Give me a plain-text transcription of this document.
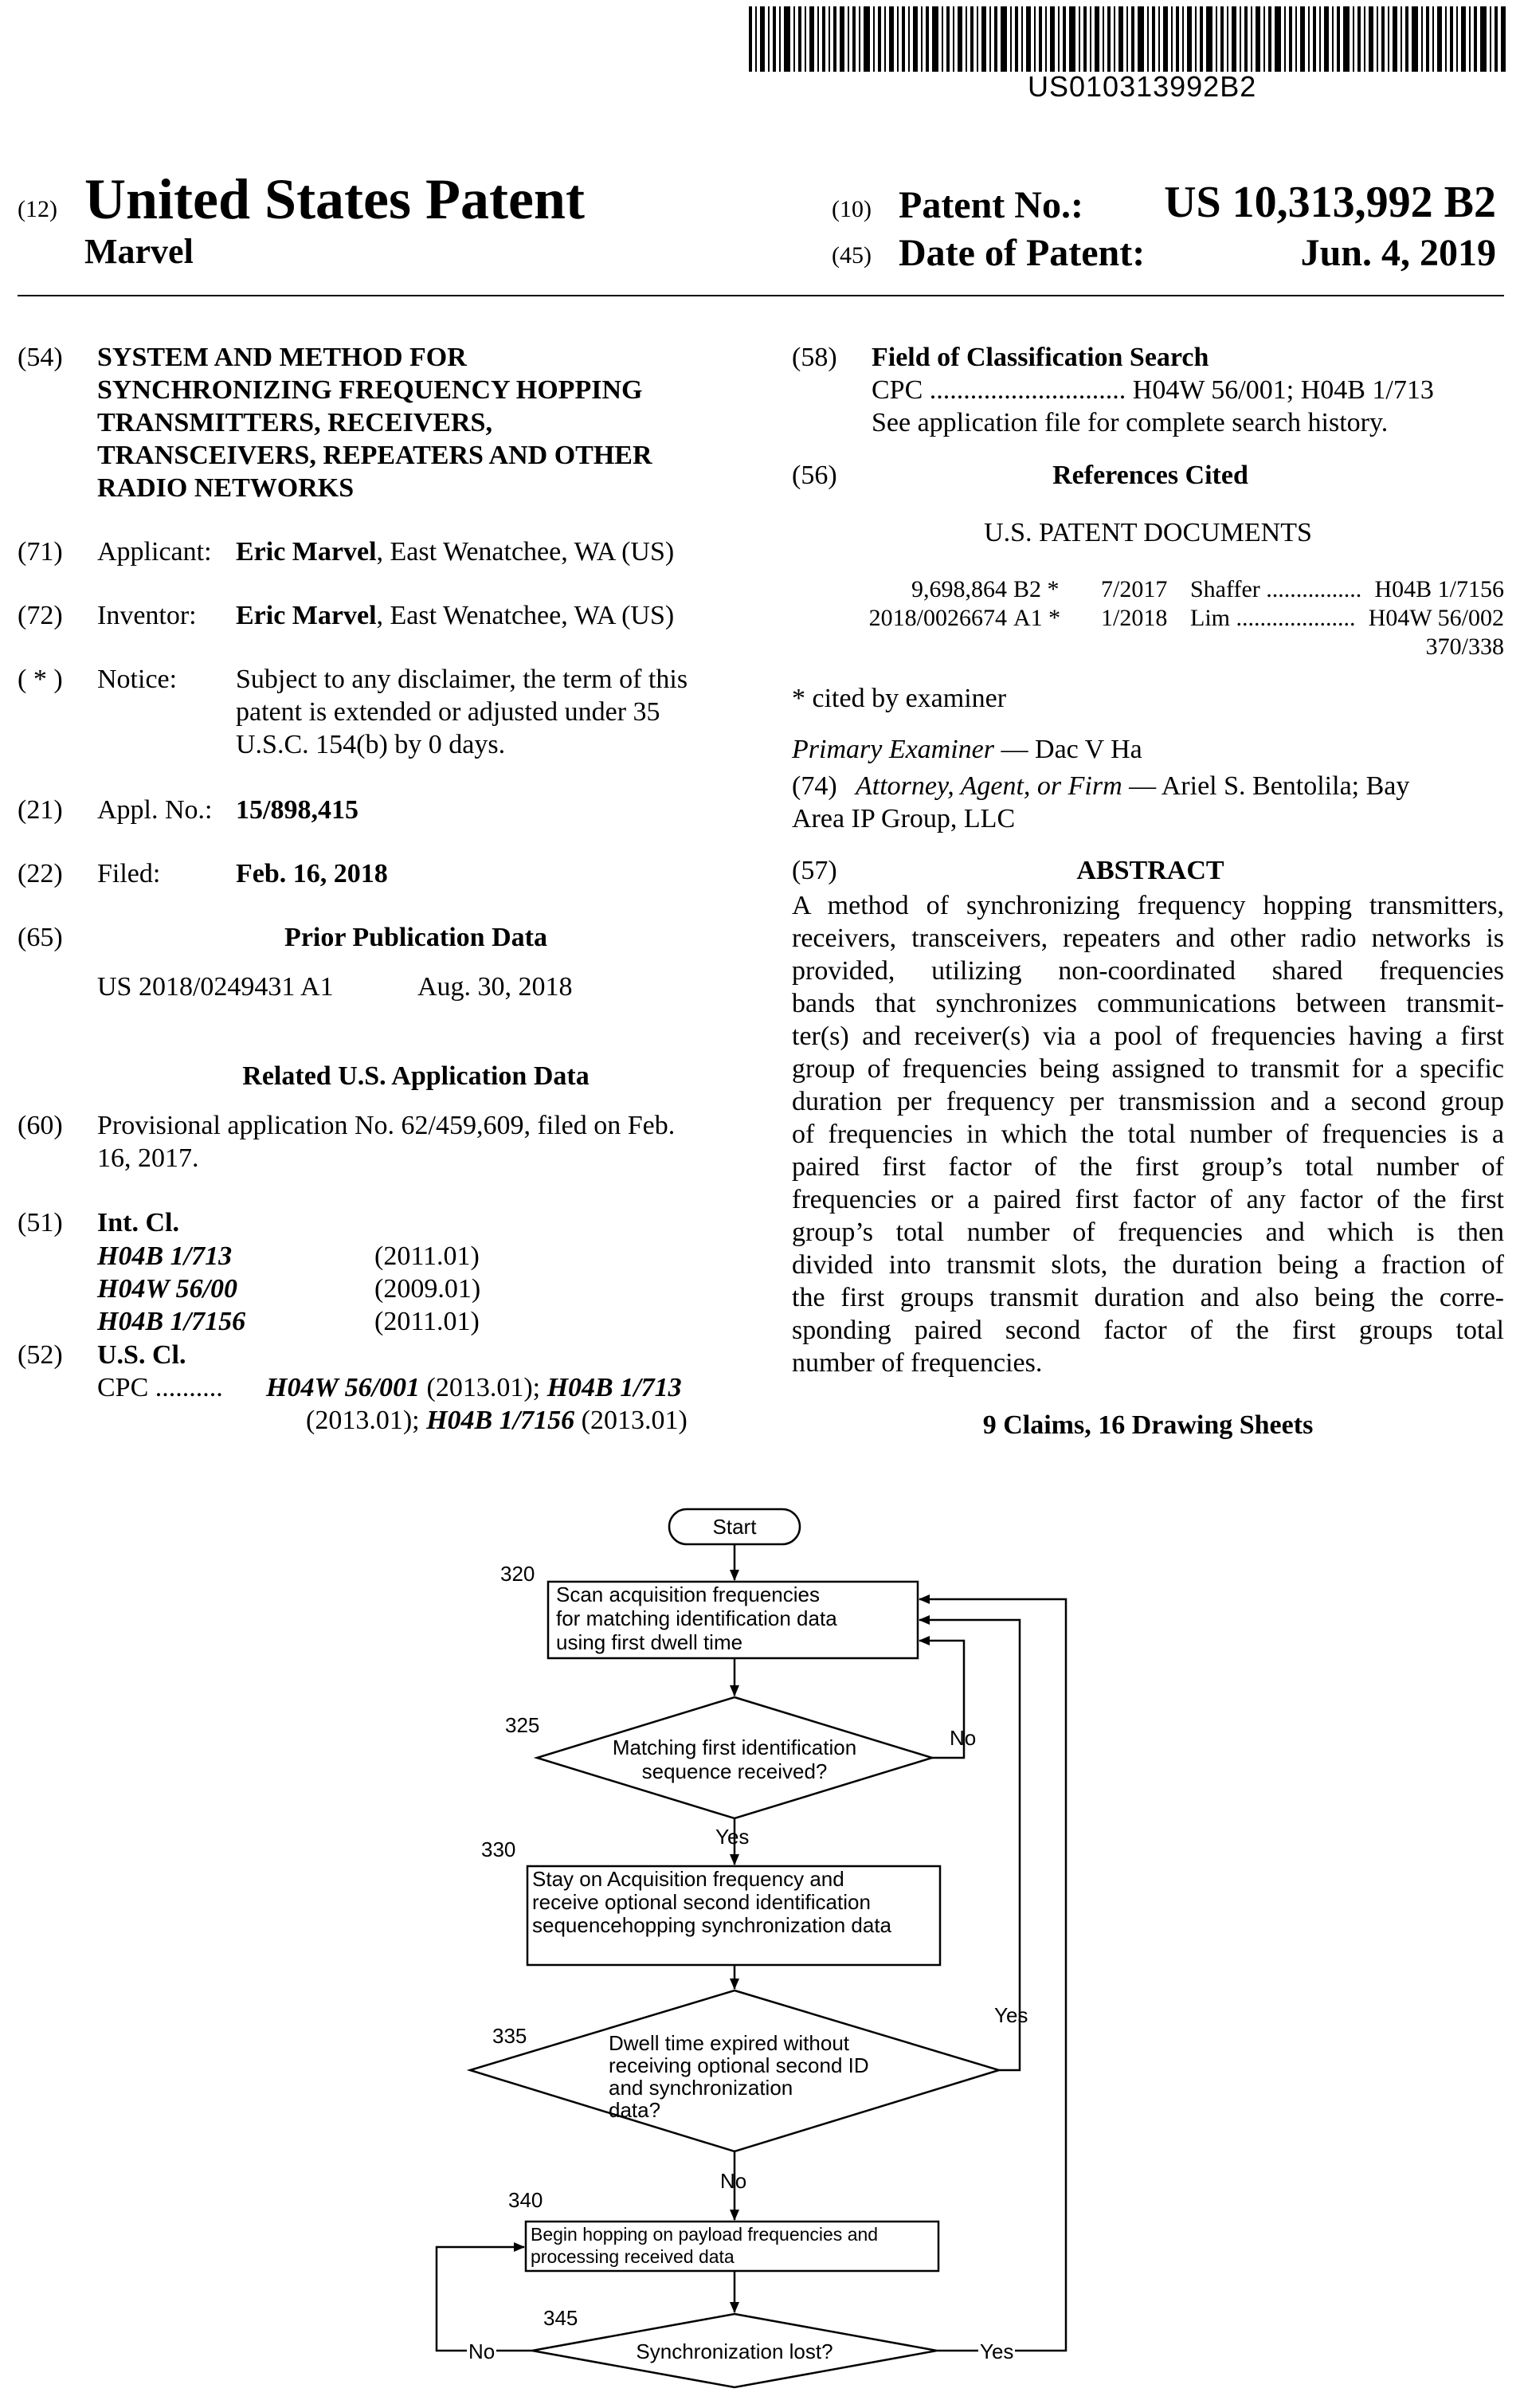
US010313992B2
(12) United States Patent
Marvel
(10) Patent No.: US 10,313,992 B2
(45) Date of Patent:	Jun. 4, 2019
(54) SYSTEM AND METHOD FOR
SYNCHRONIZING FREQUENCY HOPPING
TRANSMITTERS, RECEIVERS,
TRANSCEIVERS, REPEATERS AND OTHER
RADIO NETWORKS
(71) Applicant: Eric Marvel, East Wenatchee, WA (US)
(72) Inventor: Eric Marvel, East Wenatchee, WA (US)
( * ) Notice: Subject to any disclaimer, the term of this
patent is extended or adjusted under 35
U.S.C. 154(b) by 0 days.
(21) Appl. No.: 15/898,415
(22) Filed:	Feb. 16, 2018
(65)	Prior Publication Data
US 2018/0249431 A1	Aug. 30, 2018
Related U.S. Application Data
(60) Provisional application No. 62/459,609, filed on Feb.
16, 2017.
(51) Int. Cl.
H04B 1/713	(2011.01)
H04W 56/00	(2009.01)
H04B 1/7156	(2011.01)
(52) U.S. Cl.
CPC .......... H04W 56/001 (2013.01); H04B 1/713
(2013.01); H04B 1/7156 (2013.01)
(58) Field of Classification Search
CPC ............................. H04W 56/001; H04B 1/713
See application file for complete search history.
(56)	References Cited
U.S. PATENT DOCUMENTS
9,698,864 B2 * 7/2017 Shaffer ................ H04B 1/7156
2018/0026674 A1 * 1/2018 Lim .................... H04W 56/002
370/338
* cited by examiner
Primary Examiner — Dac V Ha
(74) Attorney, Agent, or Firm — Ariel S. Bentolila; Bay
Area IP Group, LLC
(57)	ABSTRACT
A method of synchronizing frequency hopping transmitters,
receivers, transceivers, repeaters and other radio networks is
provided, utilizing non-coordinated shared frequencies
bands that synchronizes communications between transmit-
ter(s) and receiver(s) via a pool of frequencies having a first
group of frequencies being assigned to transmit for a specific
duration per frequency per transmission and a second group
of frequencies in which the total number of frequencies is a
paired first factor of the first group’s total number of
frequencies or a paired first factor of any factor of the first
group’s total number of frequencies and which is then
divided into transmit slots, the duration being a fraction of
the first groups transmit duration and also being the corre-
sponding paired second factor of the first groups total
number of frequencies.
9 Claims, 16 Drawing Sheets
Start
320
Scan acquisition frequencies
for matching identification data
using first dwell time
325
Matching first identification
sequence received?
No
Yes
330
Stay on Acquisition frequency and
receive optional second identification
sequencehopping synchronization data
335	Dwell time expired without
receiving optional second ID
and synchronization
data?
Yes
No
340
Begin hopping on payload frequencies and
processing received data
345
Synchronization lost?
No	Yes
